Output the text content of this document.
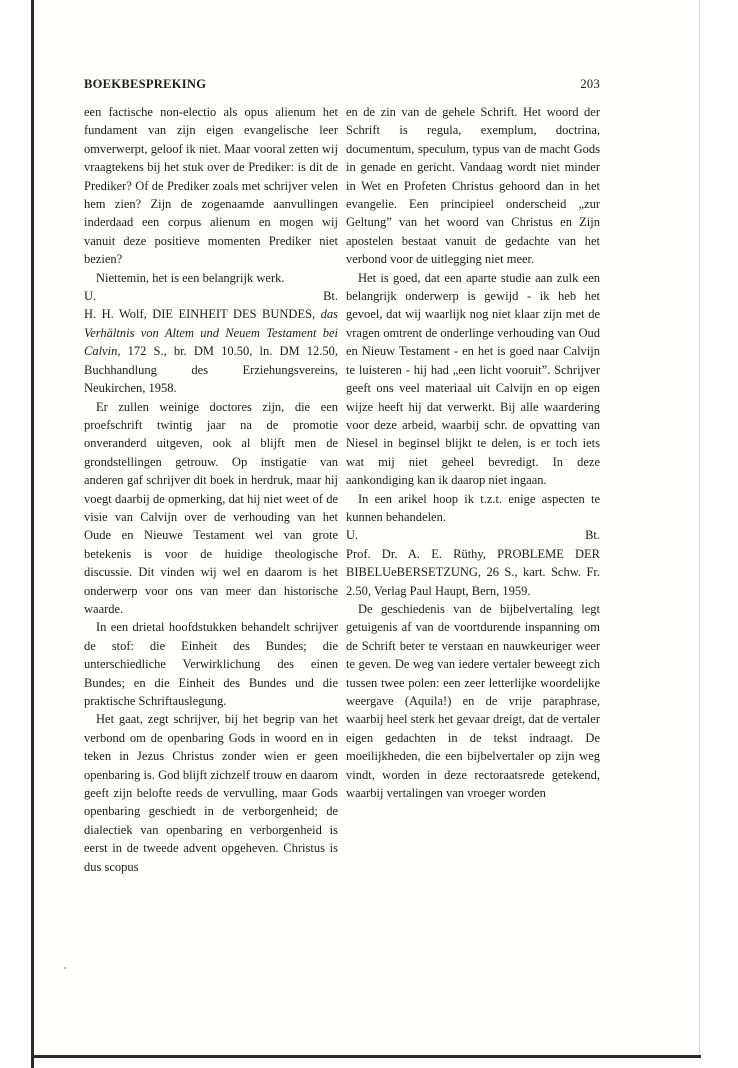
BOEKBESPREKING	203

een factische non-electio als opus alienum het fundament van zijn eigen evangelische leer omverwerpt, geloof ik niet. Maar vooral zetten wij vraagtekens bij het stuk over de Prediker: is dit de Prediker? Of de Prediker zoals met schrijver velen hem zien? Zijn de zogenaamde aanvullingen inderdaad een corpus alienum en mogen wij vanuit deze positieve momenten Prediker niet bezien?

Niettemin, het is een belangrijk werk.

U.	Bt.

H. H. Wolf, DIE EINHEIT DES BUNDES, das Verhältnis von Altem und Neuem Testament bei Calvin, 172 S., br. DM 10.50, ln. DM 12.50, Buchhandlung des Erziehungsvereins, Neukirchen, 1958.

Er zullen weinige doctores zijn, die een proefschrift twintig jaar na de promotie onveranderd uitgeven, ook al blijft men de grondstellingen getrouw. Op instigatie van anderen gaf schrijver dit boek in herdruk, maar hij voegt daarbij de opmerking, dat hij niet weet of de visie van Calvijn over de verhouding van het Oude en Nieuwe Testament wel van grote betekenis is voor de huidige theologische discussie. Dit vinden wij wel en daarom is het onderwerp voor ons van meer dan historische waarde.

In een drietal hoofdstukken behandelt schrijver de stof: die Einheit des Bundes; die unterschiedliche Verwirklichung des einen Bundes; en die Einheit des Bundes und die praktische Schriftauslegung.

Het gaat, zegt schrijver, bij het begrip van het verbond om de openbaring Gods in woord en in teken in Jezus Christus zonder wien er geen openbaring is. God blijft zichzelf trouw en daarom geeft zijn belofte reeds de vervulling, maar Gods openbaring geschiedt in de verborgenheid; de dialectiek van openbaring en verborgenheid is eerst in de tweede advent opgeheven. Christus is dus scopus

en de zin van de gehele Schrift. Het woord der Schrift is regula, exemplum, doctrina, documentum, speculum, typus van de macht Gods in genade en gericht. Vandaag wordt niet minder in Wet en Profeten Christus gehoord dan in het evangelie. Een principieel onderscheid „zur Geltung” van het woord van Christus en Zijn apostelen bestaat vanuit de gedachte van het verbond voor de uitlegging niet meer.

Het is goed, dat een aparte studie aan zulk een belangrijk onderwerp is gewijd - ik heb het gevoel, dat wij waarlijk nog niet klaar zijn met de vragen omtrent de onderlinge verhouding van Oud en Nieuw Testament - en het is goed naar Calvijn te luisteren - hij had „een licht vooruit”. Schrijver geeft ons veel materiaal uit Calvijn en op eigen wijze heeft hij dat verwerkt. Bij alle waardering voor deze arbeid, waarbij schr. de opvatting van Niesel in beginsel blijkt te delen, is er toch iets wat mij niet geheel bevredigt. In deze aankondiging kan ik daarop niet ingaan.

In een arikel hoop ik t.z.t. enige aspecten te kunnen behandelen.

U.	Bt.

Prof. Dr. A. E. Rüthy, PROBLEME DER BIBELUeBERSETZUNG, 26 S., kart. Schw. Fr. 2.50, Verlag Paul Haupt, Bern, 1959.

De geschiedenis van de bijbelvertaling legt getuigenis af van de voortdurende inspanning om de Schrift beter te verstaan en nauwkeuriger weer te geven. De weg van iedere vertaler beweegt zich tussen twee polen: een zeer letterlijke woordelijke weergave (Aquila!) en de vrije paraphrase, waarbij heel sterk het gevaar dreigt, dat de vertaler eigen gedachten in de tekst indraagt. De moeilijkheden, die een bijbelvertaler op zijn weg vindt, worden in deze rectoraatsrede getekend, waarbij vertalingen van vroeger worden
